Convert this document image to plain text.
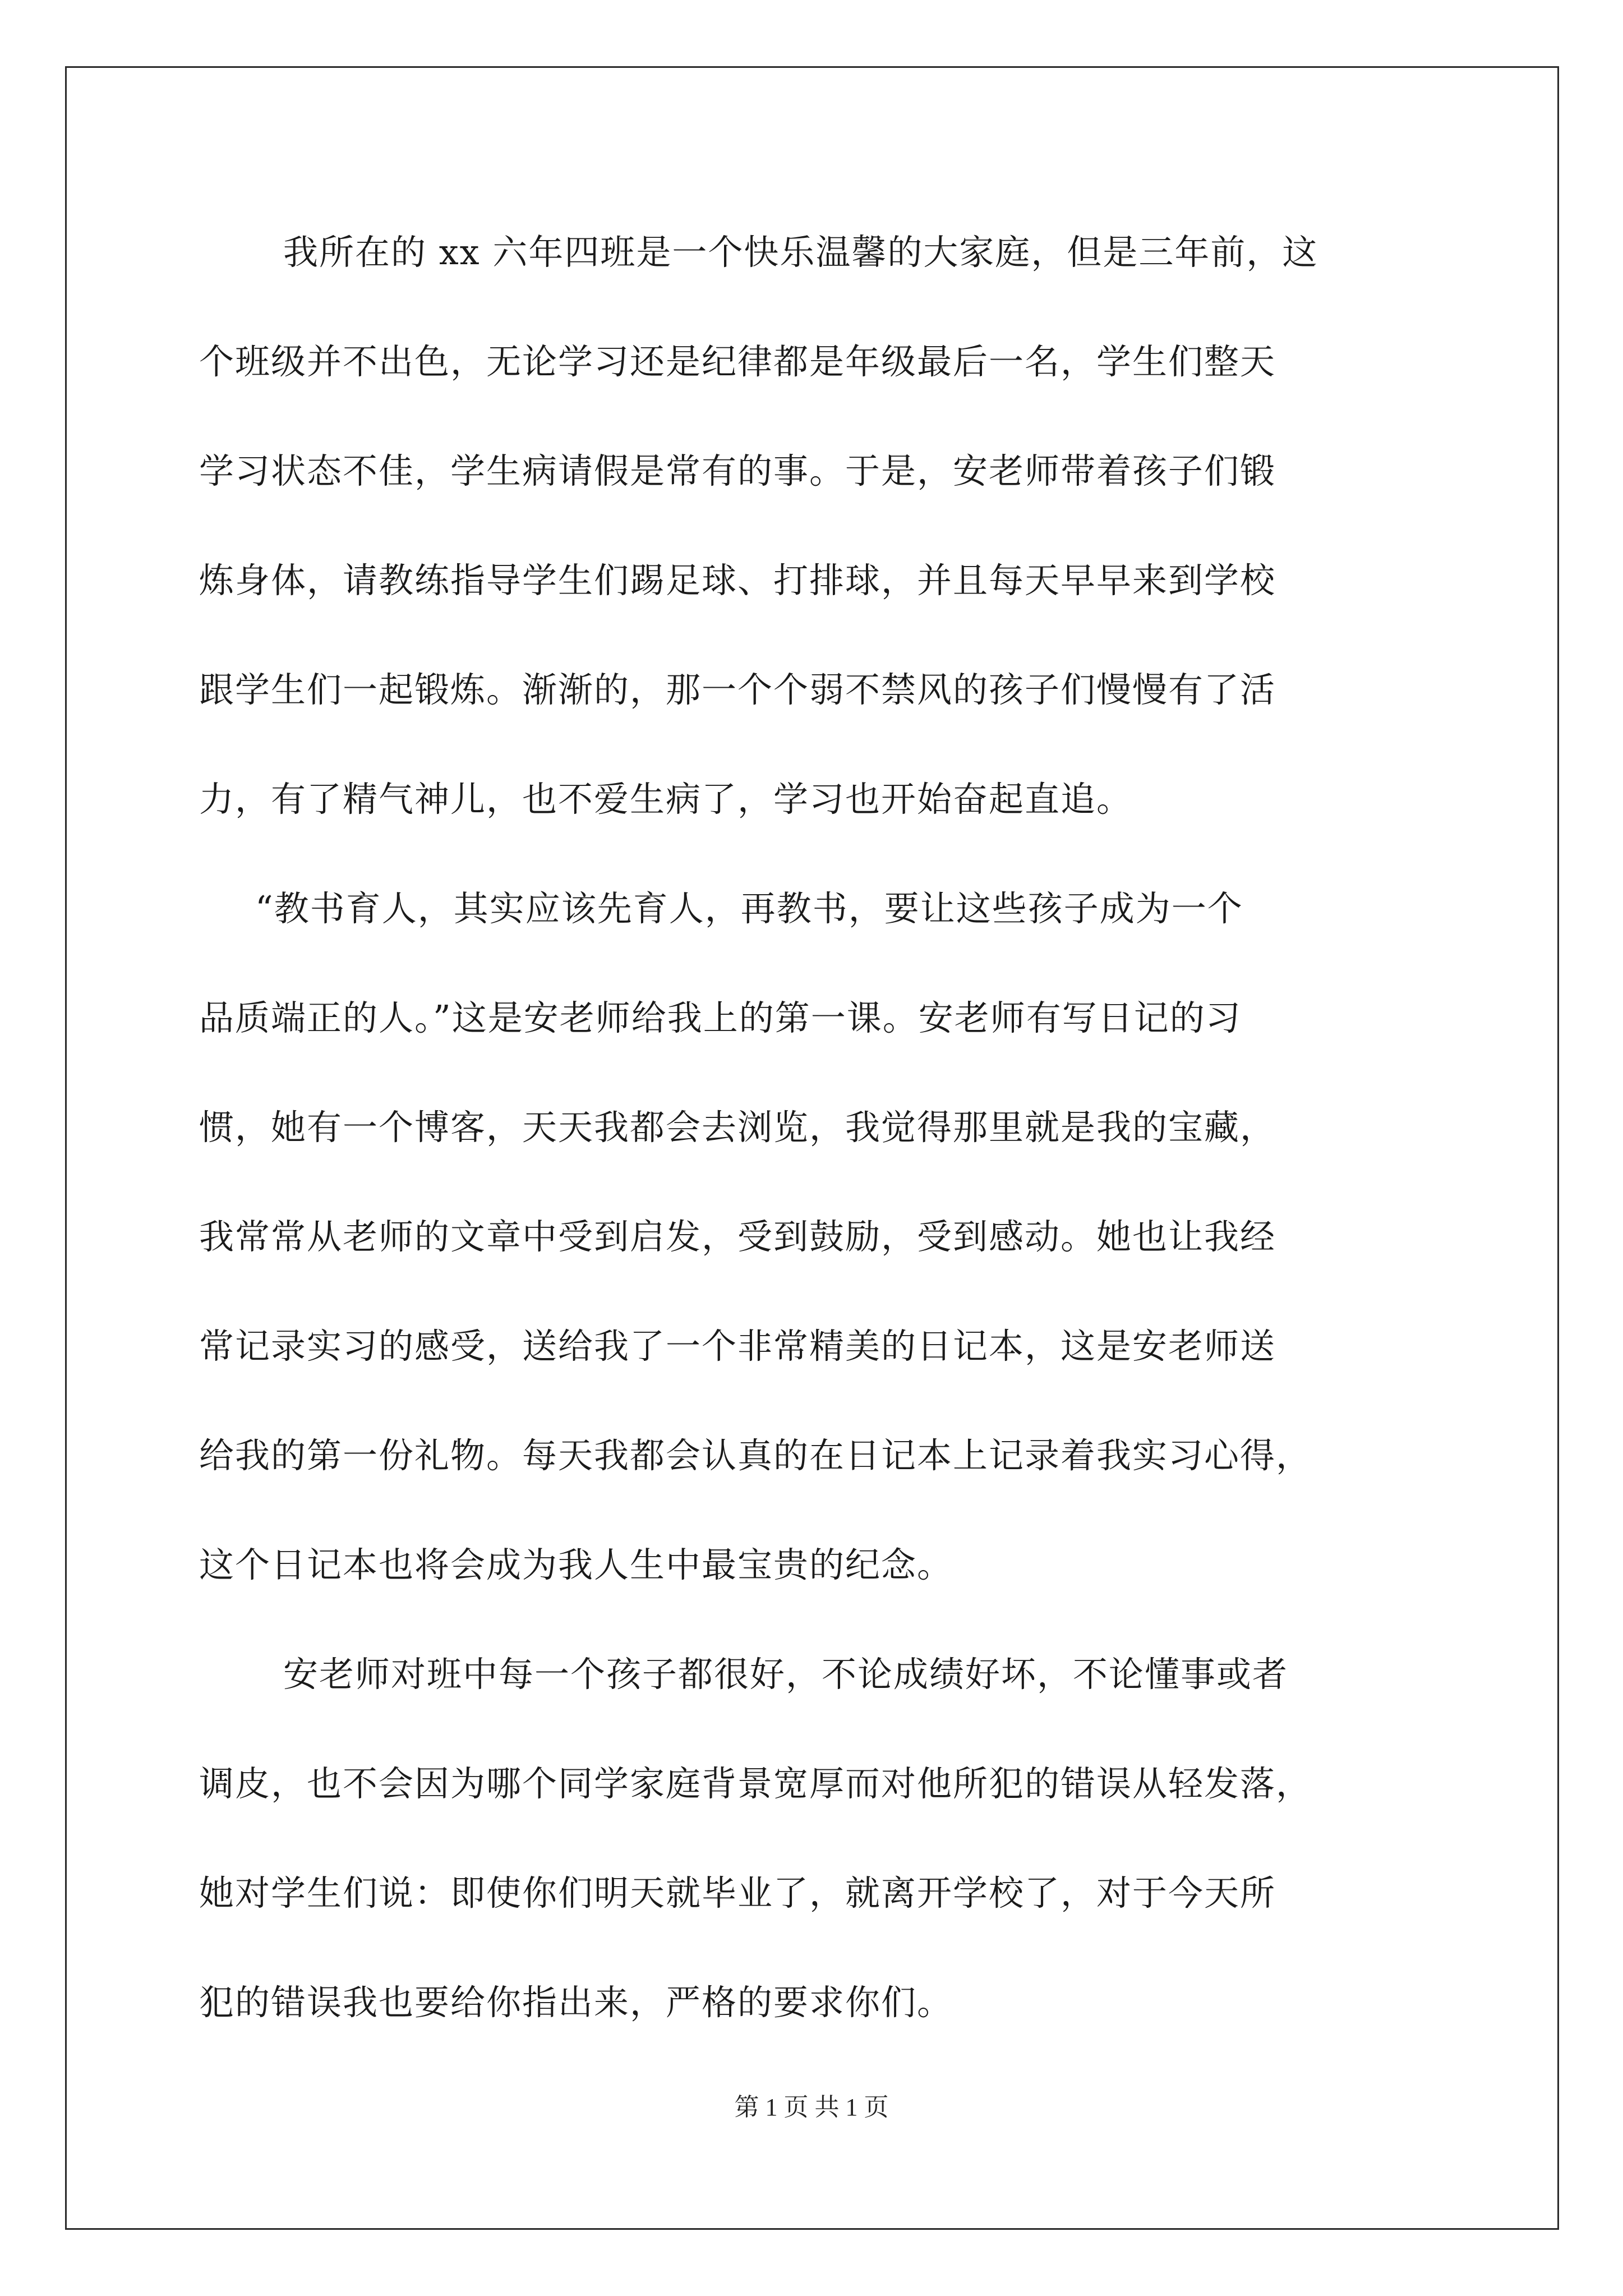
我所在的 xx 六年四班是一个快乐温馨的大家庭，但是三年前，这
个班级并不出色，无论学习还是纪律都是年级最后一名，学生们整天
学习状态不佳，学生病请假是常有的事。于是，安老师带着孩子们锻
炼身体，请教练指导学生们踢足球、打排球，并且每天早早来到学校
跟学生们一起锻炼。渐渐的，那一个个弱不禁风的孩子们慢慢有了活
力，有了精气神儿，也不爱生病了，学习也开始奋起直追。
“教书育人，其实应该先育人，再教书，要让这些孩子成为一个
品质端正的人。”这是安老师给我上的第一课。安老师有写日记的习
惯，她有一个博客，天天我都会去浏览，我觉得那里就是我的宝藏，
我常常从老师的文章中受到启发，受到鼓励，受到感动。她也让我经
常记录实习的感受，送给我了一个非常精美的日记本，这是安老师送
给我的第一份礼物。每天我都会认真的在日记本上记录着我实习心得，
这个日记本也将会成为我人生中最宝贵的纪念。
安老师对班中每一个孩子都很好，不论成绩好坏，不论懂事或者
调皮，也不会因为哪个同学家庭背景宽厚而对他所犯的错误从轻发落，
她对学生们说：即使你们明天就毕业了，就离开学校了，对于今天所
犯的错误我也要给你指出来，严格的要求你们。
第 1 页 共 1 页
